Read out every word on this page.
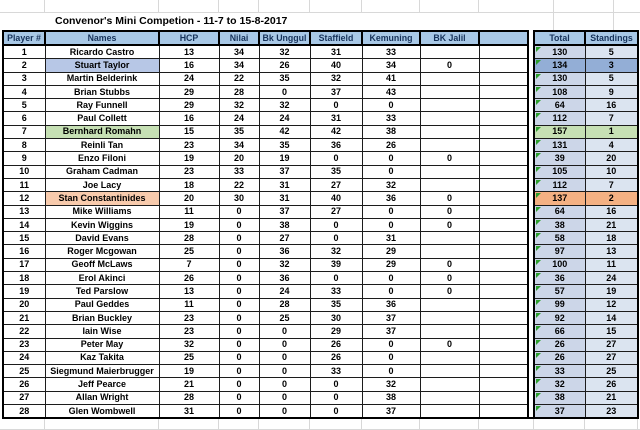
Convenor's Mini Competion - 11-7 to 15-8-2017
Player #	Names	HCP	Nilai	Bk Unggul	Staffield	Kemuning	BK Jalil			Total	Standings
1	Ricardo Castro	13	34	32	31	33				130	5
2	Stuart Taylor	16	34	26	40	34	0			134	3
3	Martin Belderink	24	22	35	32	41				130	5
4	Brian Stubbs	29	28	0	37	43				108	9
5	Ray Funnell	29	32	32	0	0				64	16
6	Paul Collett	16	24	24	31	33				112	7
7	Bernhard Romahn	15	35	42	42	38				157	1
8	Reinli Tan	23	34	35	36	26				131	4
9	Enzo Filoni	19	20	19	0	0	0			39	20
10	Graham Cadman	23	33	37	35	0				105	10
11	Joe Lacy	18	22	31	27	32				112	7
12	Stan Constantinides	20	30	31	40	36	0			137	2
13	Mike Williams	11	0	37	27	0	0			64	16
14	Kevin Wiggins	19	0	38	0	0	0			38	21
15	David Evans	28	0	27	0	31				58	18
16	Roger Mcgowan	25	0	36	32	29				97	13
17	Geoff McLaws	7	0	32	39	29	0			100	11
18	Erol Akinci	26	0	36	0	0	0			36	24
19	Ted Parslow	13	0	24	33	0	0			57	19
20	Paul Geddes	11	0	28	35	36				99	12
21	Brian Buckley	23	0	25	30	37				92	14
22	Iain Wise	23	0	0	29	37				66	15
23	Peter May	32	0	0	26	0	0			26	27
24	Kaz Takita	25	0	0	26	0				26	27
25	Siegmund Maierbrugger	19	0	0	33	0				33	25
26	Jeff Pearce	21	0	0	0	32				32	26
27	Allan Wright	28	0	0	0	38				38	21
28	Glen Wombwell	31	0	0	0	37				37	23
